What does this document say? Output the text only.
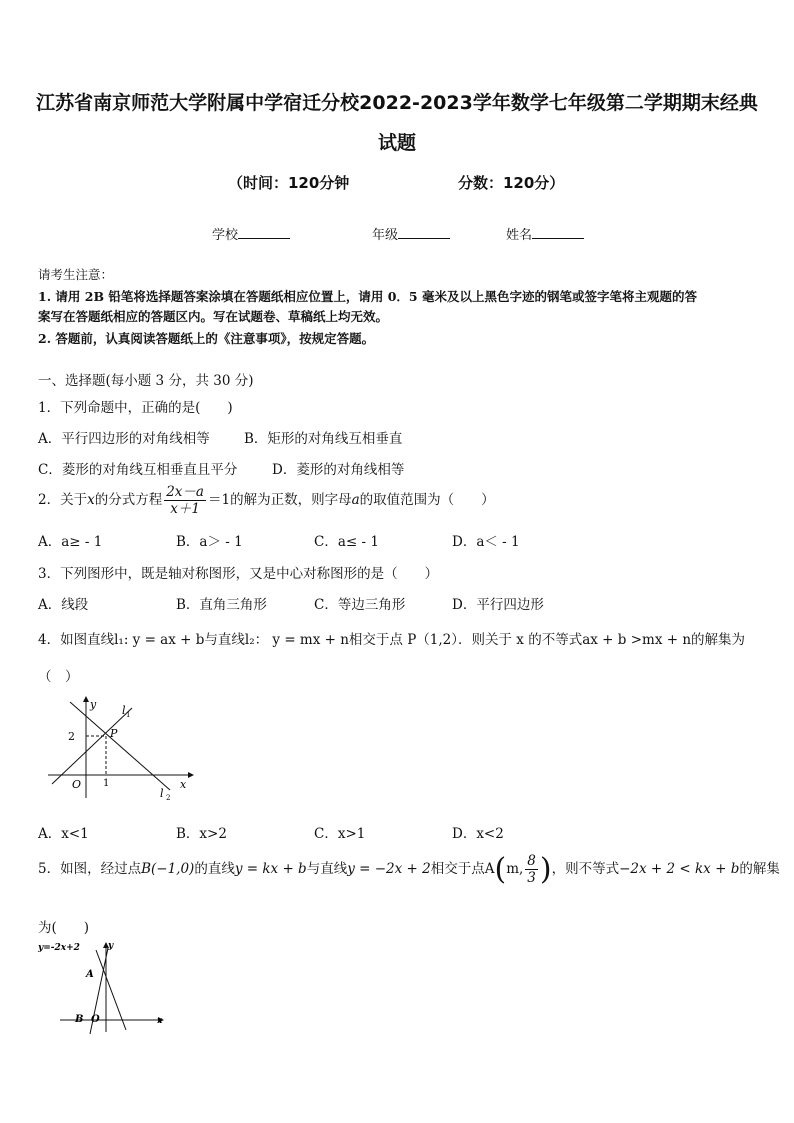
江苏省南京师范大学附属中学宿迁分校2022-2023学年数学七年级第二学期期末经典
试题
（时间：120分钟	分数：120分）
学校	年级	姓名
请考生注意：
1. 请用 2B 铅笔将选择题答案涂填在答题纸相应位置上，请用 0．5 毫米及以上黑色字迹的钢笔或签字笔将主观题的答
案写在答题纸相应的答题区内。写在试题卷、草稿纸上均无效。
2. 答题前，认真阅读答题纸上的《注意事项》，按规定答题。
一、选择题(每小题 3 分，共 30 分)
1．下列命题中，正确的是(　　)
A．平行四边形的对角线相等	B．矩形的对角线互相垂直
C．菱形的对角线互相垂直且平分	D．菱形的对角线相等
2．关于x的分式方程 $\frac{2x-a}{x+1} =1$的解为正数，则字母a的取值范围为（　　）
A．a≥ - 1	B．a＞ - 1	C．a≤ - 1	D．a＜ - 1
3．下列图形中，既是轴对称图形，又是中心对称图形的是（　　）
A．线段	B．直角三角形	C．等边三角形	D．平行四边形
4．如图直线l₁: y = ax + b与直线l₂： y = mx + n相交于点 P（1,2）．则关于 x 的不等式ax + b >mx + n的解集为
（　）
y l 1
P
2
O 1
l 2
x
A．x<1	B．x>2	C．x>1	D．x<2
5．如图，经过点B(−1,0)的直线y = kx + b与直线y = −2x + 2相交于点A(m, $\frac{8}{3}$ )，则不等式−2x + 2 < kx + b的解集
为(　　)
y=-2x+2	y
A
B O	x
